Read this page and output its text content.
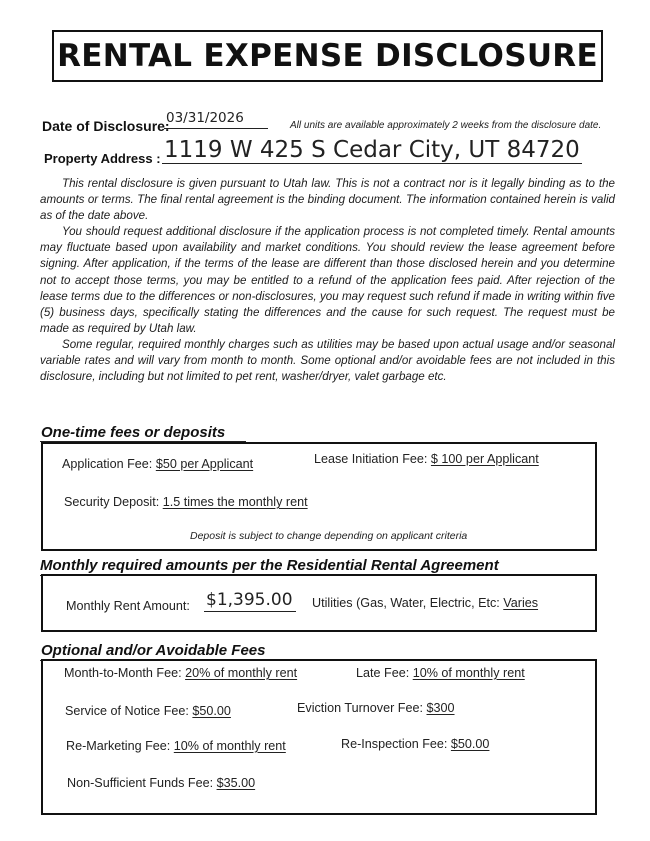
RENTAL EXPENSE DISCLOSURE
Date of Disclosure:
03/31/2026	All units are available approximately 2 weeks from the disclosure date.
Property Address : 1119 W 425 S Cedar City, UT 84720

This rental disclosure is given pursuant to Utah law. This is not a contract nor is it legally binding as to the amounts or terms. The final rental agreement is the binding document. The information contained herein is valid as of the date above.

You should request additional disclosure if the application process is not completed timely. Rental amounts may fluctuate based upon availability and market conditions. You should review the lease agreement before signing. After application, if the terms of the lease are different than those disclosed herein and you determine not to accept those terms, you may be entitled to a refund of the application fees paid. After rejection of the lease terms due to the differences or non-disclosures, you may request such refund if made in writing within five (5) business days, specifically stating the differences and the cause for such request. The request must be made as required by Utah law.

Some regular, required monthly charges such as utilities may be based upon actual usage and/or seasonal variable rates and will vary from month to month. Some optional and/or avoidable fees are not included in this disclosure, including but not limited to pet rent, washer/dryer, valet garbage etc.

One-time fees or deposits
Application Fee: $50 per Applicant	Lease Initiation Fee: $ 100 per Applicant
Security Deposit: 1.5 times the monthly rent
Deposit is subject to change depending on applicant criteria
Monthly required amounts per the Residential Rental Agreement
Monthly Rent Amount: $1,395.00 Utilities (Gas, Water, Electric, Etc: Varies
Optional and/or Avoidable Fees
Month-to-Month Fee: 20% of monthly rent	Late Fee: 10% of monthly rent
Service of Notice Fee: $50.00	Eviction Turnover Fee: $300
Re-Marketing Fee: 10% of monthly rent	Re-Inspection Fee: $50.00
Non-Sufficient Funds Fee: $35.00
